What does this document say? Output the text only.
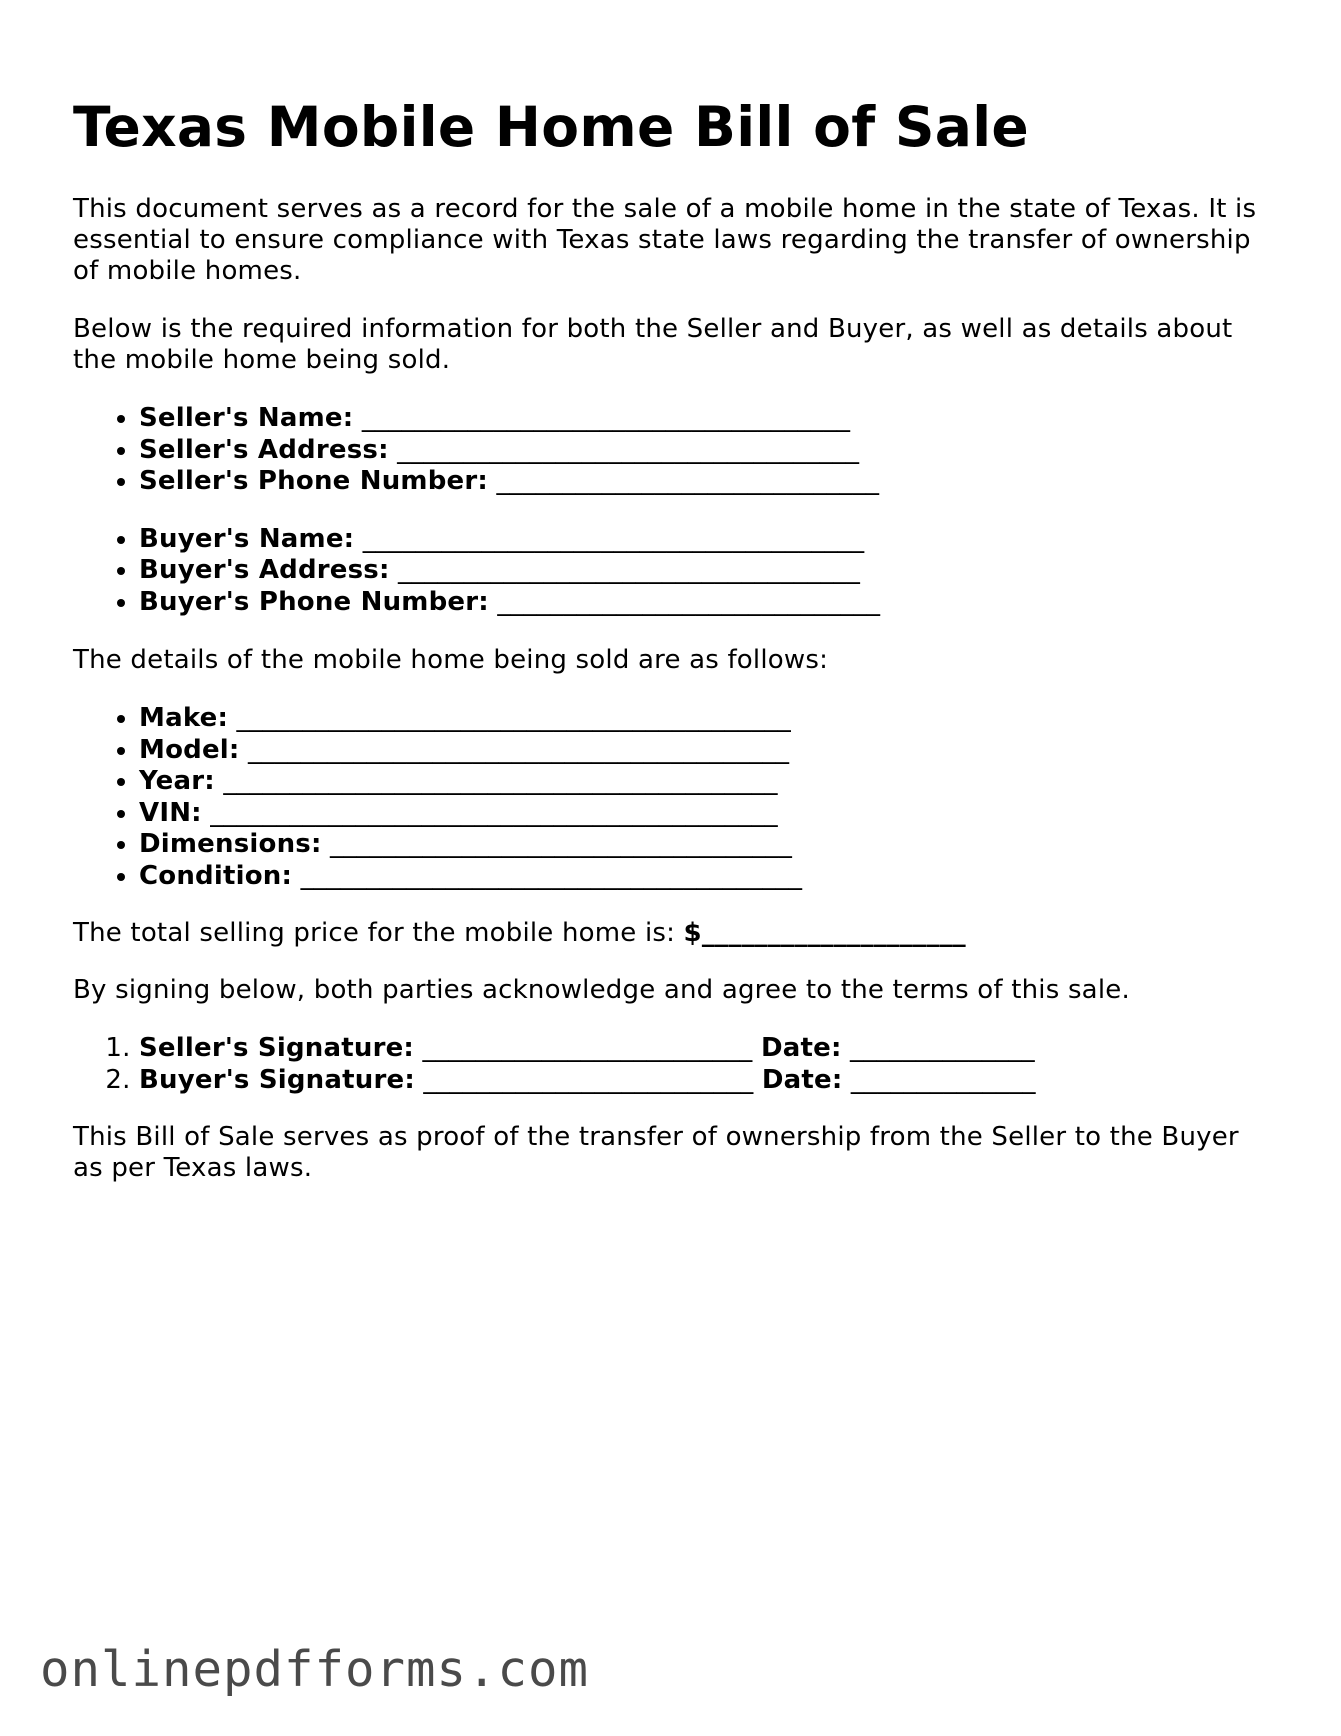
Texas Mobile Home Bill of Sale

This document serves as a record for the sale of a mobile home in the state of Texas. It is essential to ensure compliance with Texas state laws regarding the transfer of ownership of mobile homes.

Below is the required information for both the Seller and Buyer, as well as details about the mobile home being sold.

• Seller's Name: _____________________________________
• Seller's Address: ___________________________________
• Seller's Phone Number: _____________________________
• Buyer's Name: ______________________________________
• Buyer's Address: ___________________________________
• Buyer's Phone Number: _____________________________

The details of the mobile home being sold are as follows:

• Make: __________________________________________
• Model: _________________________________________
• Year: __________________________________________
• VIN: ___________________________________________
• Dimensions: ___________________________________
• Condition: ______________________________________

The total selling price for the mobile home is: $____________________

By signing below, both parties acknowledge and agree to the terms of this sale.

1. Seller's Signature: _________________________ Date: ______________
2. Buyer's Signature: _________________________ Date: ______________

This Bill of Sale serves as proof of the transfer of ownership from the Seller to the Buyer as per Texas laws.

onlinepdfforms.com
